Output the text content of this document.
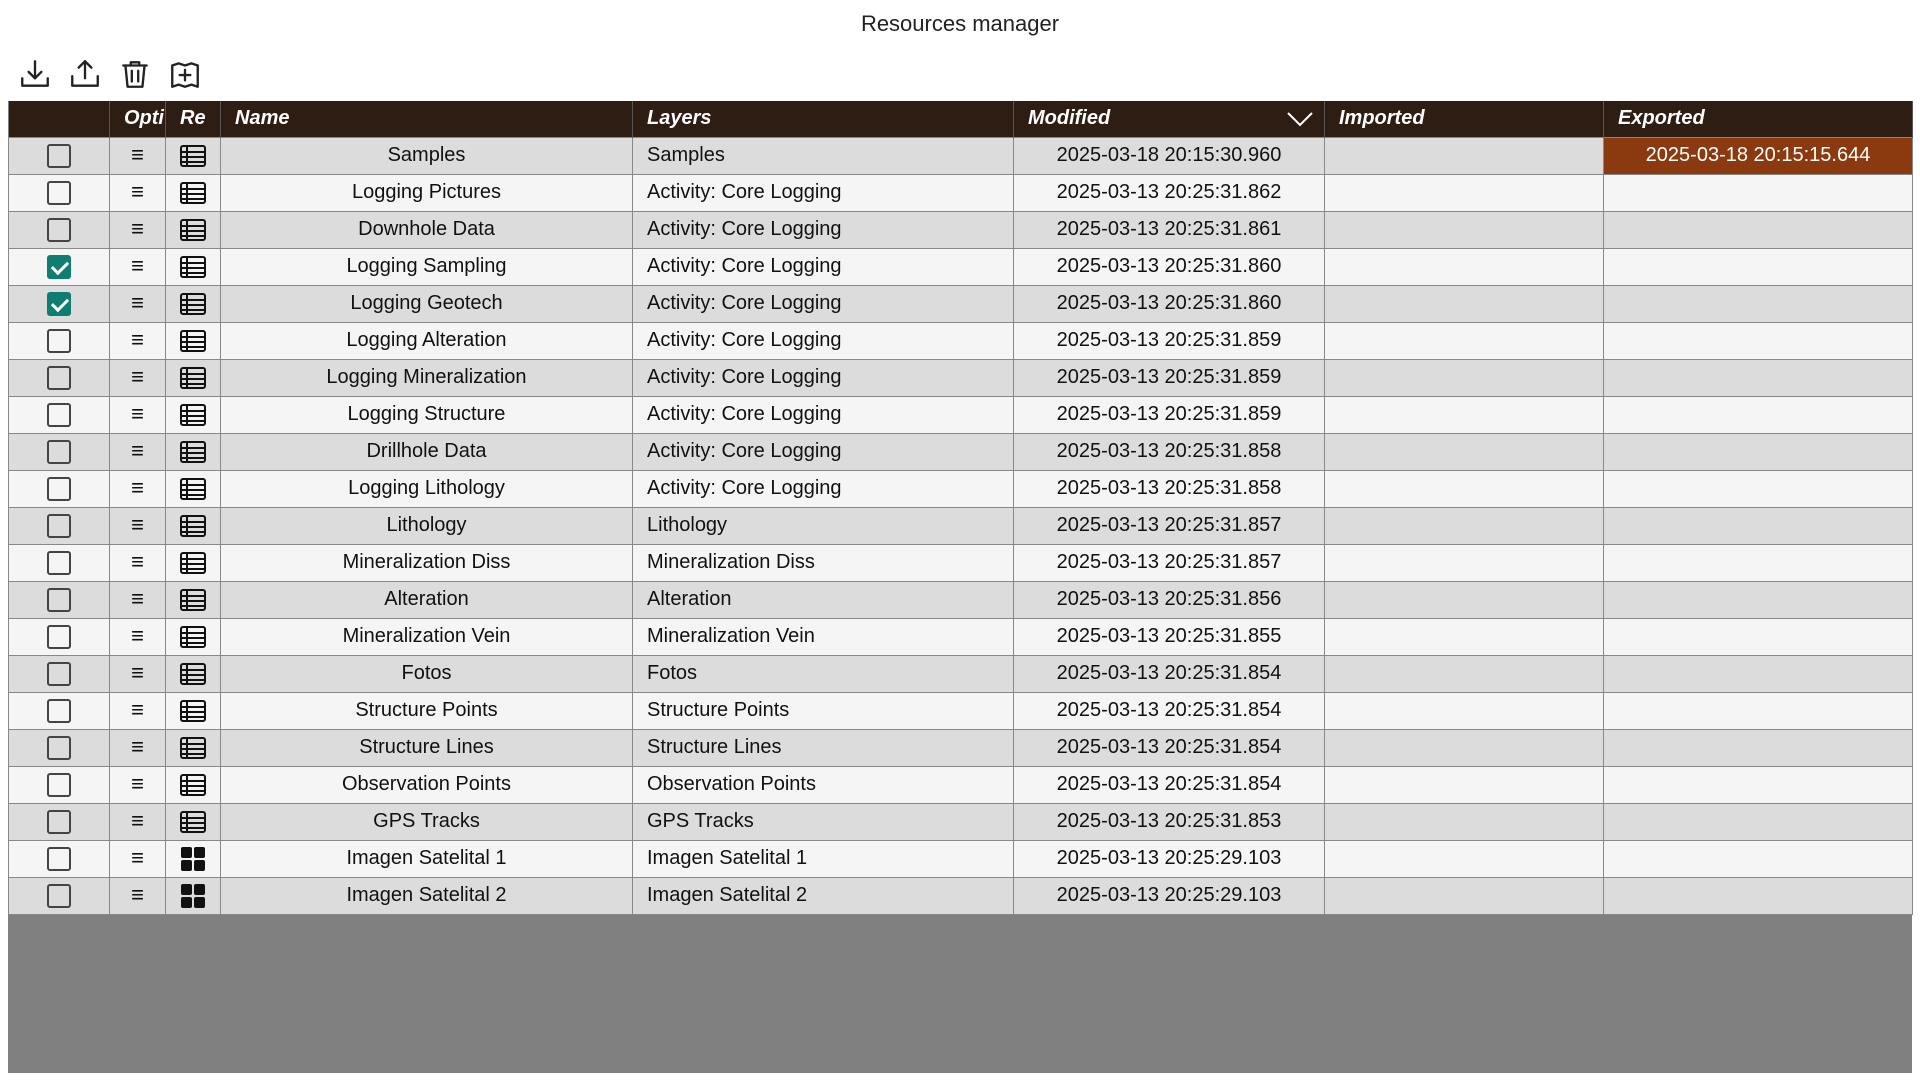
Resources manager
	Opti	Re	Name	Layers	Modified	Imported	Exported
	≡		Samples	Samples	2025-03-18 20:15:30.960		2025-03-18 20:15:15.644
	≡		Logging Pictures	Activity: Core Logging	2025-03-13 20:25:31.862		
	≡		Downhole Data	Activity: Core Logging	2025-03-13 20:25:31.861		
	≡		Logging Sampling	Activity: Core Logging	2025-03-13 20:25:31.860		
	≡		Logging Geotech	Activity: Core Logging	2025-03-13 20:25:31.860		
	≡		Logging Alteration	Activity: Core Logging	2025-03-13 20:25:31.859		
	≡		Logging Mineralization	Activity: Core Logging	2025-03-13 20:25:31.859		
	≡		Logging Structure	Activity: Core Logging	2025-03-13 20:25:31.859		
	≡		Drillhole Data	Activity: Core Logging	2025-03-13 20:25:31.858		
	≡		Logging Lithology	Activity: Core Logging	2025-03-13 20:25:31.858		
	≡		Lithology	Lithology	2025-03-13 20:25:31.857		
	≡		Mineralization Diss	Mineralization Diss	2025-03-13 20:25:31.857		
	≡		Alteration	Alteration	2025-03-13 20:25:31.856		
	≡		Mineralization Vein	Mineralization Vein	2025-03-13 20:25:31.855		
	≡		Fotos	Fotos	2025-03-13 20:25:31.854		
	≡		Structure Points	Structure Points	2025-03-13 20:25:31.854		
	≡		Structure Lines	Structure Lines	2025-03-13 20:25:31.854		
	≡		Observation Points	Observation Points	2025-03-13 20:25:31.854		
	≡		GPS Tracks	GPS Tracks	2025-03-13 20:25:31.853		
	≡		Imagen Satelital 1	Imagen Satelital 1	2025-03-13 20:25:29.103		
	≡		Imagen Satelital 2	Imagen Satelital 2	2025-03-13 20:25:29.103		
